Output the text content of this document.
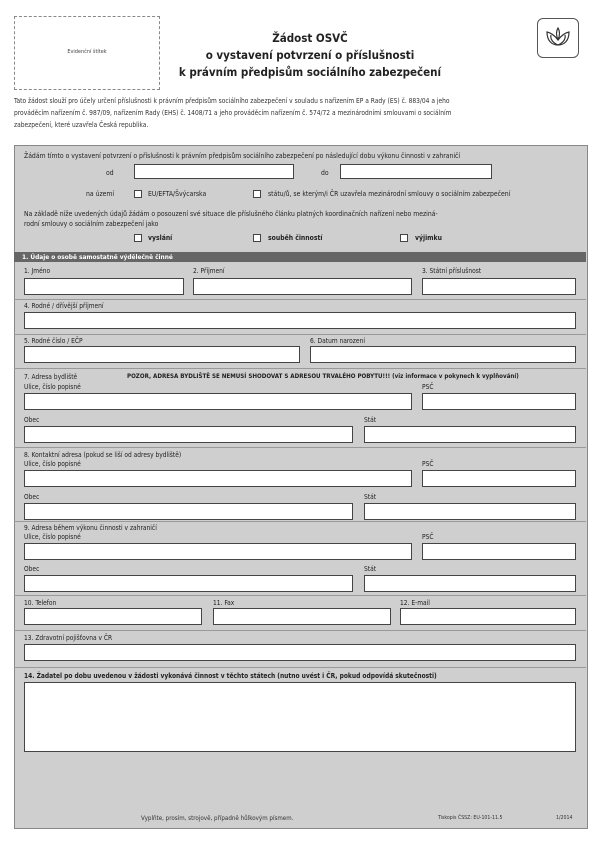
Evidenční štítek
Žádost OSVČ
o vystavení potvrzení o příslušnosti
k právním předpisům sociálního zabezpečení
Tato žádost slouží pro účely určení příslušnosti k právním předpisům sociálního zabezpečení v souladu s nařízením EP a Rady (ES) č. 883/04 a jeho
prováděcím nařízením č. 987/09, nařízením Rady (EHS) č. 1408/71 a jeho prováděcím nařízením č. 574/72 a mezinárodními smlouvami o sociálním
zabezpečení, které uzavřela Česká republika.
Žádám tímto o vystavení potvrzení o příslušnosti k právním předpisům sociálního zabezpečení po následující dobu výkonu činnosti v zahraničí
od	do
na území	EU/EFTA/Švýcarska	státu/ů, se kterým/i ČR uzavřela mezinárodní smlouvy o sociálním zabezpečení
Na základě níže uvedených údajů žádám o posouzení své situace dle příslušného článku platných koordinačních nařízení nebo meziná-
rodní smlouvy o sociálním zabezpečení jako
vyslání	souběh činností	výjimku
1. Údaje o osobě samostatně výdělečně činné
1. Jméno	2. Příjmení	3. Státní příslušnost
4. Rodné / dřívější příjmení
5. Rodné číslo / EČP	6. Datum narození
7. Adresa bydliště	POZOR, ADRESA BYDLIŠTĚ SE NEMUSÍ SHODOVAT S ADRESOU TRVALÉHO POBYTU!!! (viz informace v pokynech k vyplňování)
Ulice, číslo popisné	PSČ
Obec	Stát
8. Kontaktní adresa (pokud se liší od adresy bydliště)
Ulice, číslo popisné	PSČ
Obec	Stát
9. Adresa během výkonu činnosti v zahraničí
Ulice, číslo popisné	PSČ
Obec	Stát
10. Telefon	11. Fax	12. E-mail
13. Zdravotní pojišťovna v ČR
14. Žadatel po dobu uvedenou v žádosti vykonává činnost v těchto státech (nutno uvést i ČR, pokud odpovídá skutečnosti)
Vyplňte, prosím, strojově, případně hůlkovým písmem.	Tiskopis ČSSZ: EU-101-11.5	1/2014
